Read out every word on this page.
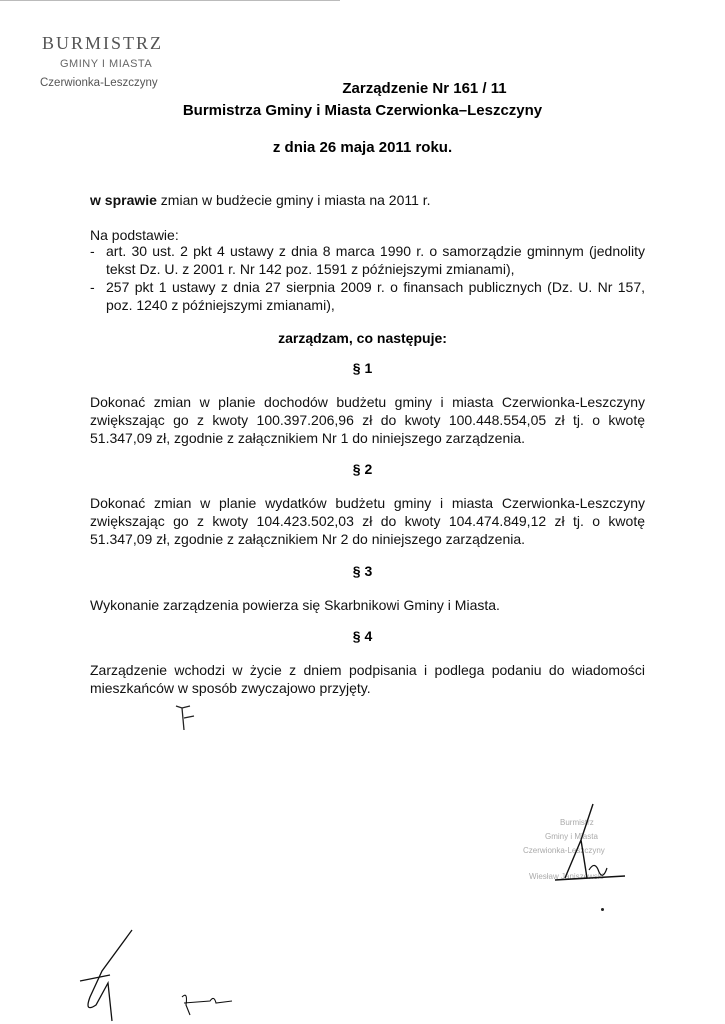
BURMISTRZ
GMINY I MIASTA
Czerwionka-Leszczyny	Zarządzenie Nr 161 / 11
Burmistrza Gminy i Miasta Czerwionka–Leszczyny
z dnia 26 maja 2011 roku.
w sprawie zmian w budżecie gminy i miasta na 2011 r.
Na podstawie:
- art. 30 ust. 2 pkt 4 ustawy z dnia 8 marca 1990 r. o samorządzie gminnym (jednolity tekst Dz. U. z 2001 r. Nr 142 poz. 1591 z późniejszymi zmianami),
- 257 pkt 1 ustawy z dnia 27 sierpnia 2009 r. o finansach publicznych (Dz. U. Nr 157, poz. 1240 z późniejszymi zmianami),
zarządzam, co następuje:
§ 1
Dokonać zmian w planie dochodów budżetu gminy i miasta Czerwionka-Leszczyny zwiększając go z kwoty 100.397.206,96 zł do kwoty 100.448.554,05 zł tj. o kwotę 51.347,09 zł, zgodnie z załącznikiem Nr 1 do niniejszego zarządzenia.
§ 2
Dokonać zmian w planie wydatków budżetu gminy i miasta Czerwionka-Leszczyny zwiększając go z kwoty 104.423.502,03 zł do kwoty 104.474.849,12 zł tj. o kwotę 51.347,09 zł, zgodnie z załącznikiem Nr 2 do niniejszego zarządzenia.
§ 3
Wykonanie zarządzenia powierza się Skarbnikowi Gminy i Miasta.
§ 4
Zarządzenie wchodzi w życie z dniem podpisania i podlega podaniu do wiadomości mieszkańców w sposób zwyczajowo przyjęty.
Burmistrz
Gminy i Miasta
Czerwionka-Leszczyny
Wiesław Janiszewski
